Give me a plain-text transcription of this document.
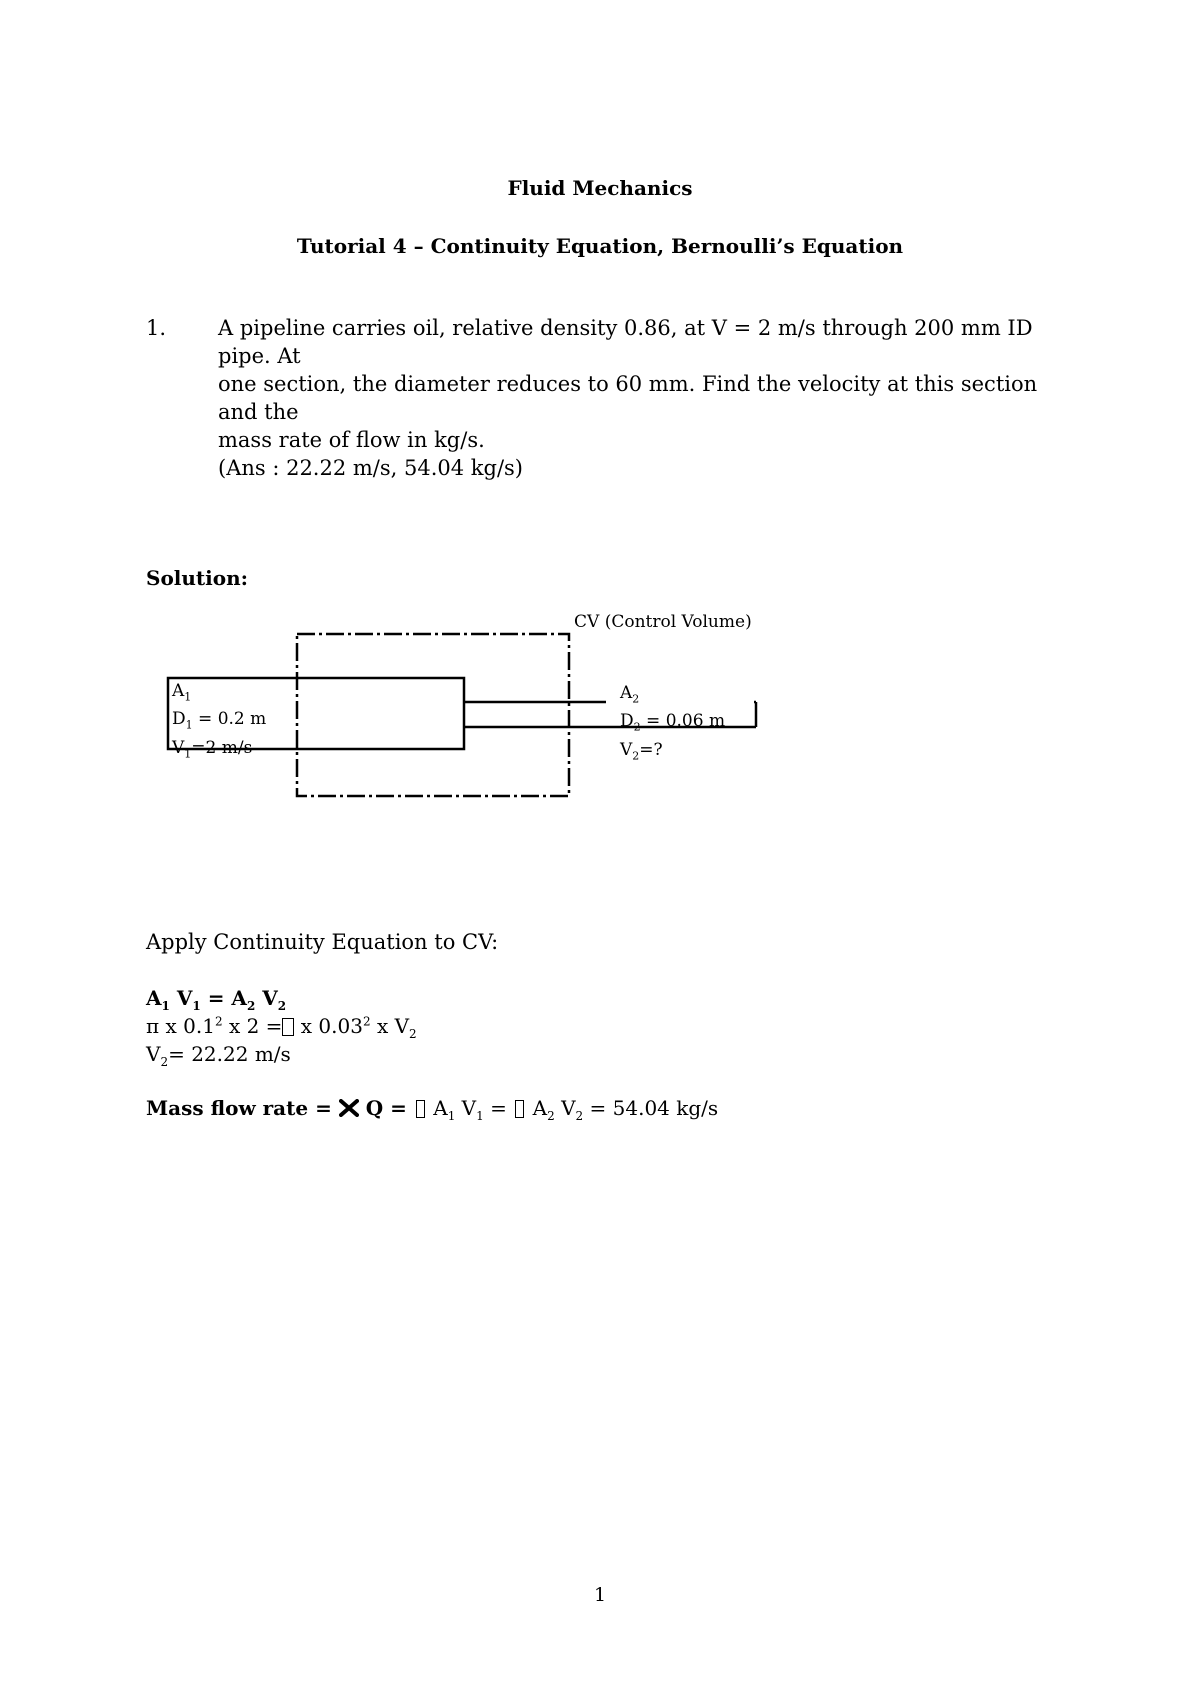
Fluid Mechanics
Tutorial 4 – Continuity Equation, Bernoulli’s Equation
1. A pipeline carries oil, relative density 0.86, at V = 2 m/s through 200 mm ID pipe. At

one section, the diameter reduces to 60 mm. Find the velocity at this section and the

mass rate of flow in kg/s.

(Ans : 22.22 m/s, 54.04 kg/s)

Solution:
CV (Control Volume)
$A_1$
$D_1 = 0.2$ m
$V_1=2$ m/s
$A_2$
$D_2 = 0.06$ m
$V_2=$?
Apply Continuity Equation to CV:
$A_1$ $V_1 = A_2$ $V_2$
π x $0.1^2$ x 2 = x 0.03$^2$ x $V_2$
$V_2= 22.22$ m/s
Mass flow rate =  $Q = A_1$ $V_1 = A_2$ $V_2 = 54.04$ kg/s
1
